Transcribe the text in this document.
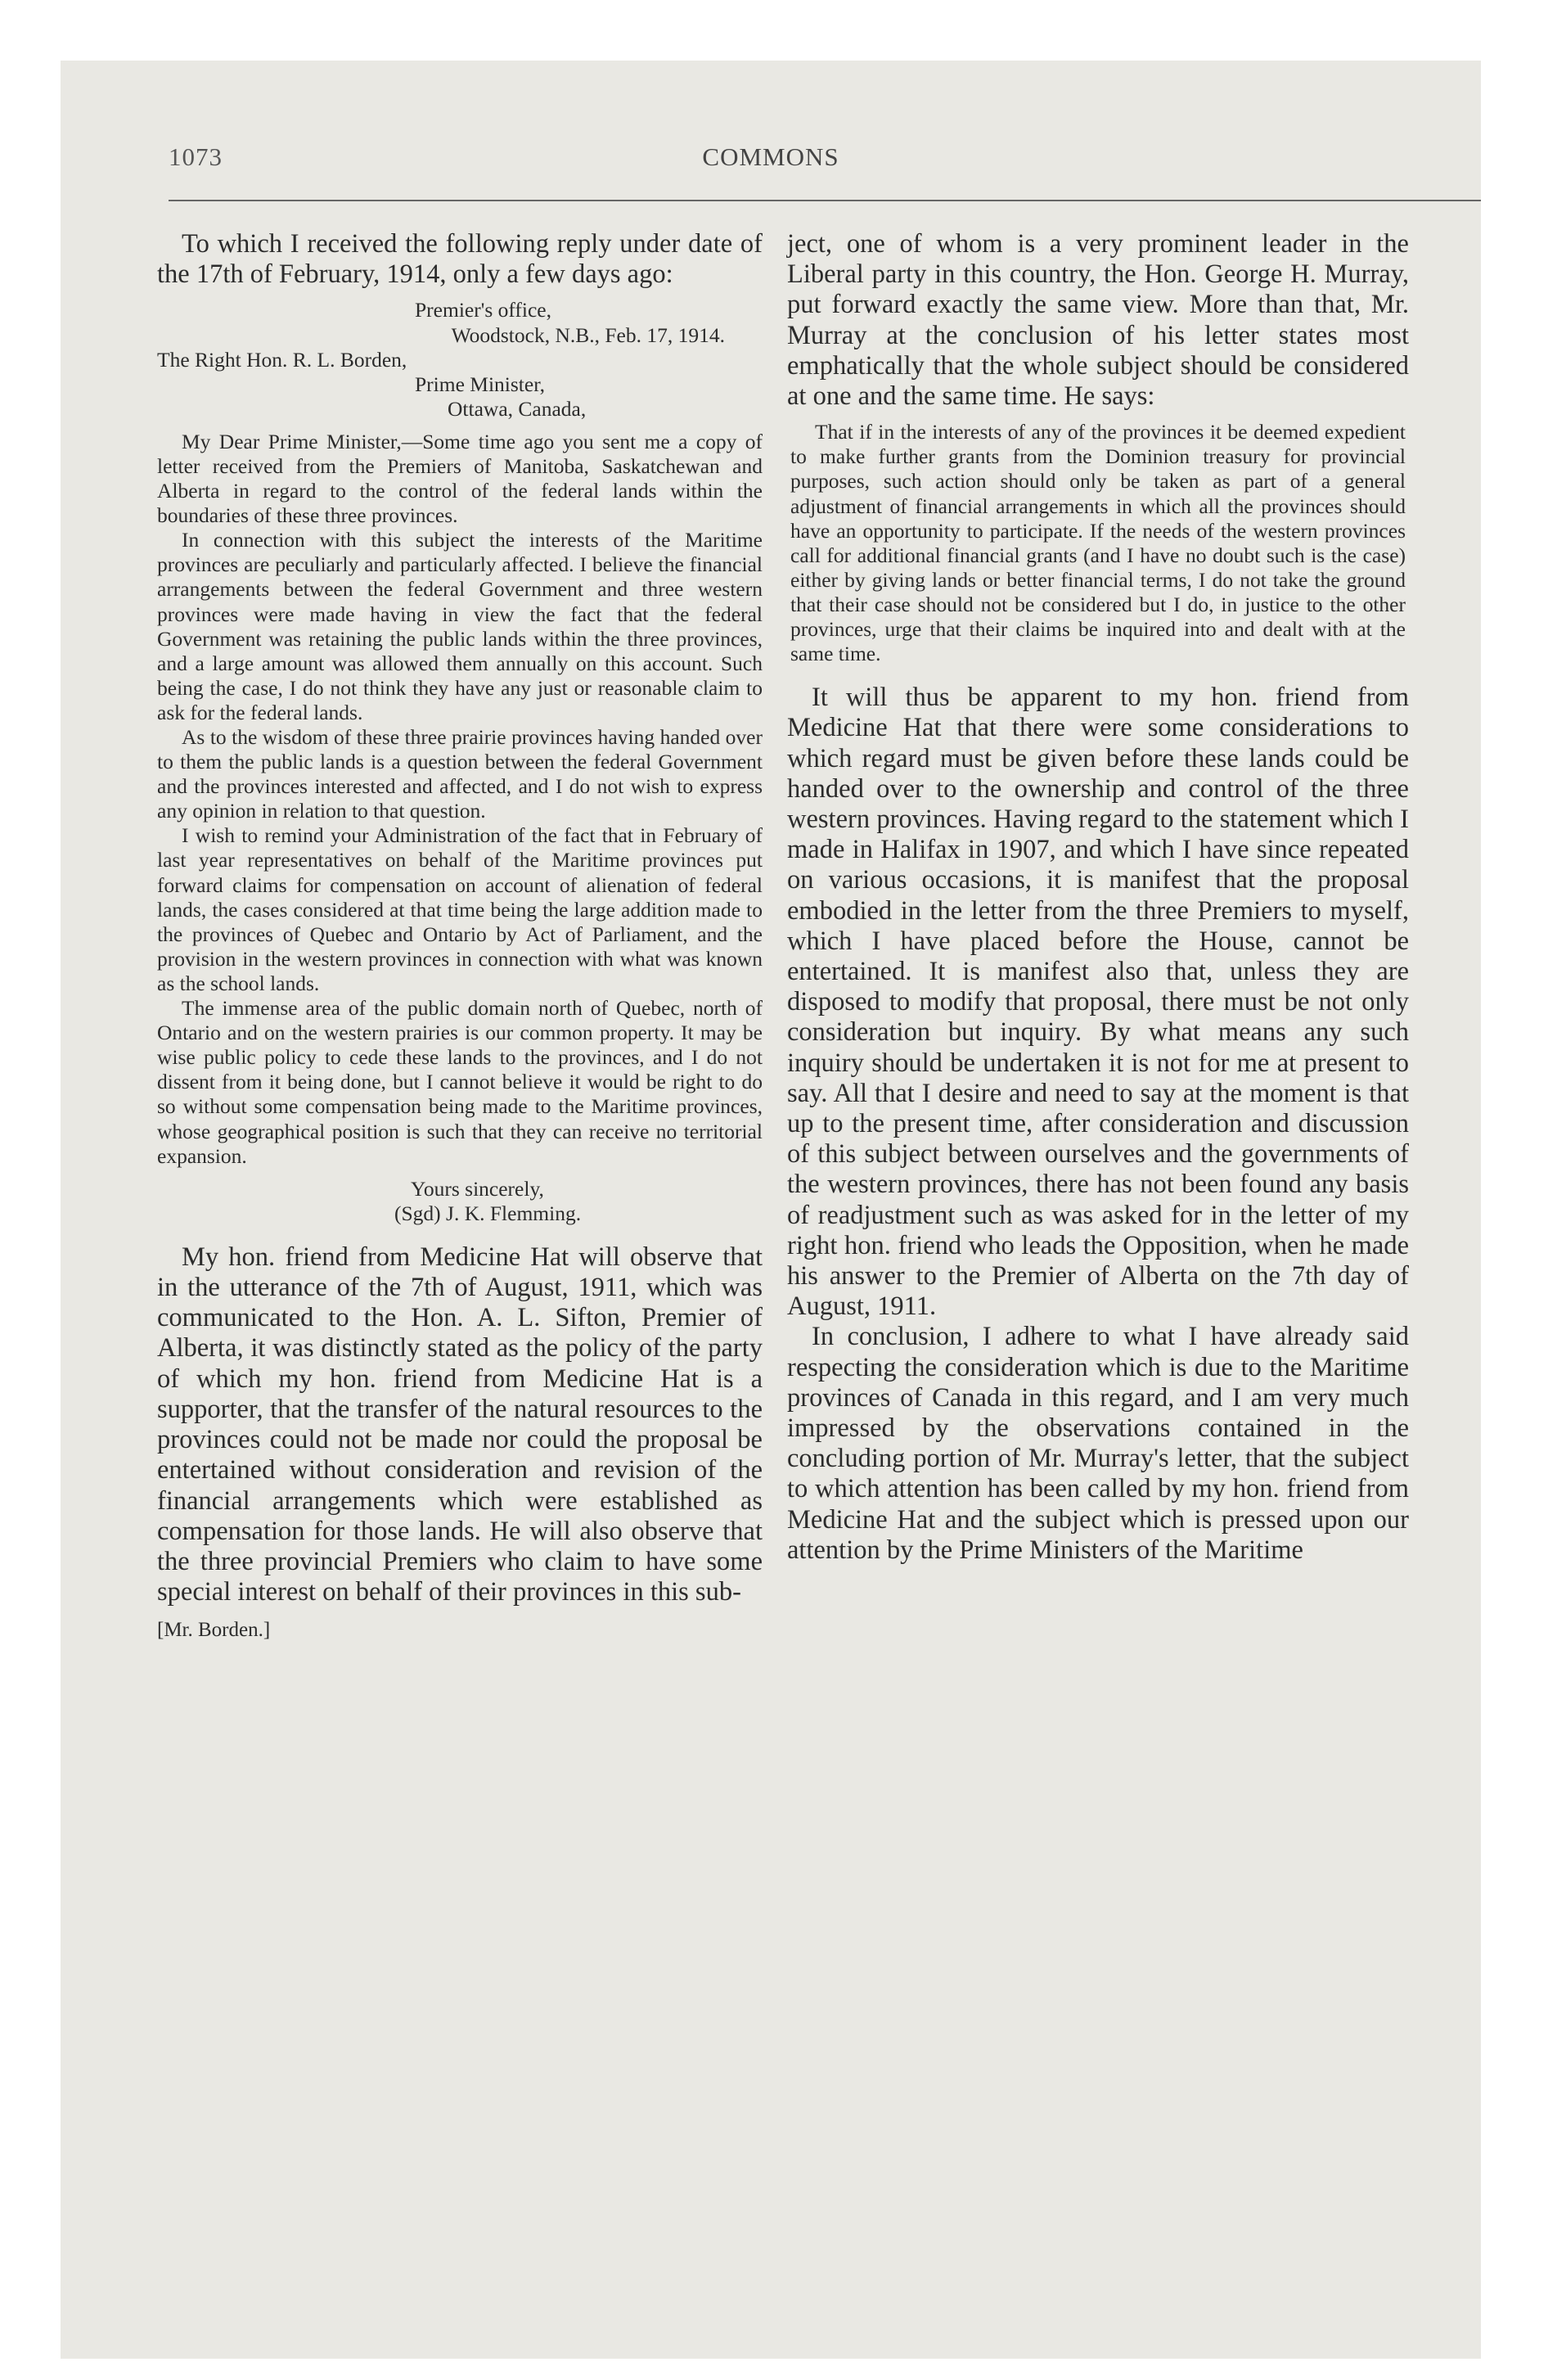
1073	COMMONS

To which I received the following reply under date of the 17th of February, 1914, only a few days ago:

Premier's office,

Woodstock, N.B., Feb. 17, 1914.

The Right Hon. R. L. Borden,

Prime Minister,

Ottawa, Canada,

My Dear Prime Minister,—Some time ago you sent me a copy of letter received from the Premiers of Manitoba, Saskatchewan and Alberta in regard to the control of the federal lands within the boundaries of these three provinces.

In connection with this subject the interests of the Maritime provinces are peculiarly and particularly affected. I believe the financial arrangements between the federal Government and three western provinces were made having in view the fact that the federal Government was retaining the public lands within the three provinces, and a large amount was allowed them annually on this account. Such being the case, I do not think they have any just or reasonable claim to ask for the federal lands.

As to the wisdom of these three prairie provinces having handed over to them the public lands is a question between the federal Government and the provinces interested and affected, and I do not wish to express any opinion in relation to that question.

I wish to remind your Administration of the fact that in February of last year representatives on behalf of the Maritime provinces put forward claims for compensation on account of alienation of federal lands, the cases considered at that time being the large addition made to the provinces of Quebec and Ontario by Act of Parliament, and the provision in the western provinces in connection with what was known as the school lands.

The immense area of the public domain north of Quebec, north of Ontario and on the western prairies is our common property. It may be wise public policy to cede these lands to the provinces, and I do not dissent from it being done, but I cannot believe it would be right to do so without some compensation being made to the Maritime provinces, whose geographical position is such that they can receive no territorial expansion.

Yours sincerely,

(Sgd) J. K. Flemming.

My hon. friend from Medicine Hat will observe that in the utterance of the 7th of August, 1911, which was communicated to the Hon. A. L. Sifton, Premier of Alberta, it was distinctly stated as the policy of the party of which my hon. friend from Medicine Hat is a supporter, that the transfer of the natural resources to the provinces could not be made nor could the proposal be entertained without consideration and revision of the financial arrangements which were established as compensation for those lands. He will also observe that the three provincial Premiers who claim to have some special interest on behalf of their provinces in this sub-

[Mr. Borden.]

ject, one of whom is a very prominent leader in the Liberal party in this country, the Hon. George H. Murray, put forward exactly the same view. More than that, Mr. Murray at the conclusion of his letter states most emphatically that the whole subject should be considered at one and the same time. He says:

That if in the interests of any of the provinces it be deemed expedient to make further grants from the Dominion treasury for provincial purposes, such action should only be taken as part of a general adjustment of financial arrangements in which all the provinces should have an opportunity to participate. If the needs of the western provinces call for additional financial grants (and I have no doubt such is the case) either by giving lands or better financial terms, I do not take the ground that their case should not be considered but I do, in justice to the other provinces, urge that their claims be inquired into and dealt with at the same time.

It will thus be apparent to my hon. friend from Medicine Hat that there were some considerations to which regard must be given before these lands could be handed over to the ownership and control of the three western provinces. Having regard to the statement which I made in Halifax in 1907, and which I have since repeated on various occasions, it is manifest that the proposal embodied in the letter from the three Premiers to myself, which I have placed before the House, cannot be entertained. It is manifest also that, unless they are disposed to modify that proposal, there must be not only consideration but inquiry. By what means any such inquiry should be undertaken it is not for me at present to say. All that I desire and need to say at the moment is that up to the present time, after consideration and discussion of this subject between ourselves and the governments of the western provinces, there has not been found any basis of readjustment such as was asked for in the letter of my right hon. friend who leads the Opposition, when he made his answer to the Premier of Alberta on the 7th day of August, 1911.

In conclusion, I adhere to what I have already said respecting the consideration which is due to the Maritime provinces of Canada in this regard, and I am very much impressed by the observations contained in the concluding portion of Mr. Murray's letter, that the subject to which attention has been called by my hon. friend from Medicine Hat and the subject which is pressed upon our attention by the Prime Ministers of the Maritime
